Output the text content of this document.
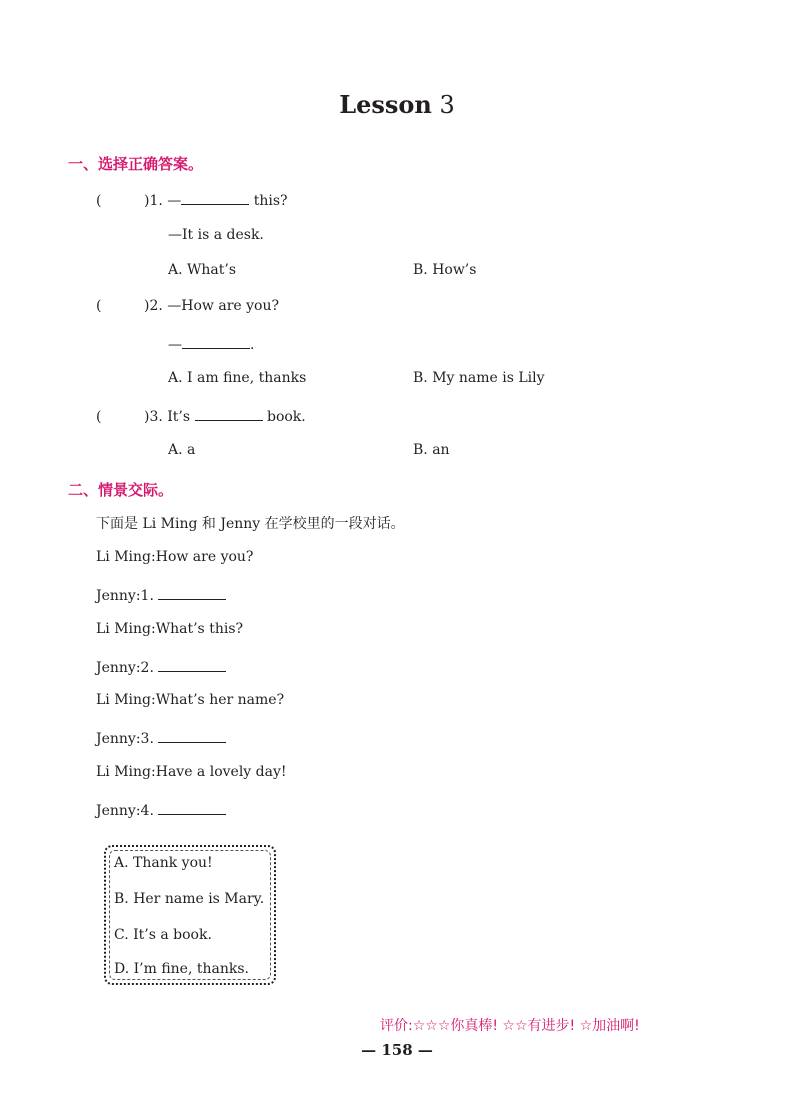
Lesson 3
一、选择正确答案。
(	)1. —	this?
—It is a desk.
A. What’s	B. How’s
(	)2. —How are you?
—	.
A. I am fine, thanks	B. My name is Lily
(	)3. It’s	book.
A. a	B. an
二、情景交际。
下面是 Li Ming 和 Jenny 在学校里的一段对话。
Li Ming:How are you?
Jenny:1.
Li Ming:What’s this?
Jenny:2.
Li Ming:What’s her name?
Jenny:3.
Li Ming:Have a lovely day!
Jenny:4.
A. Thank you!
B. Her name is Mary.
C. It’s a book.
D. I’m fine, thanks.
评价:☆☆☆你真棒! ☆☆有进步! ☆加油啊!
— 158 —
